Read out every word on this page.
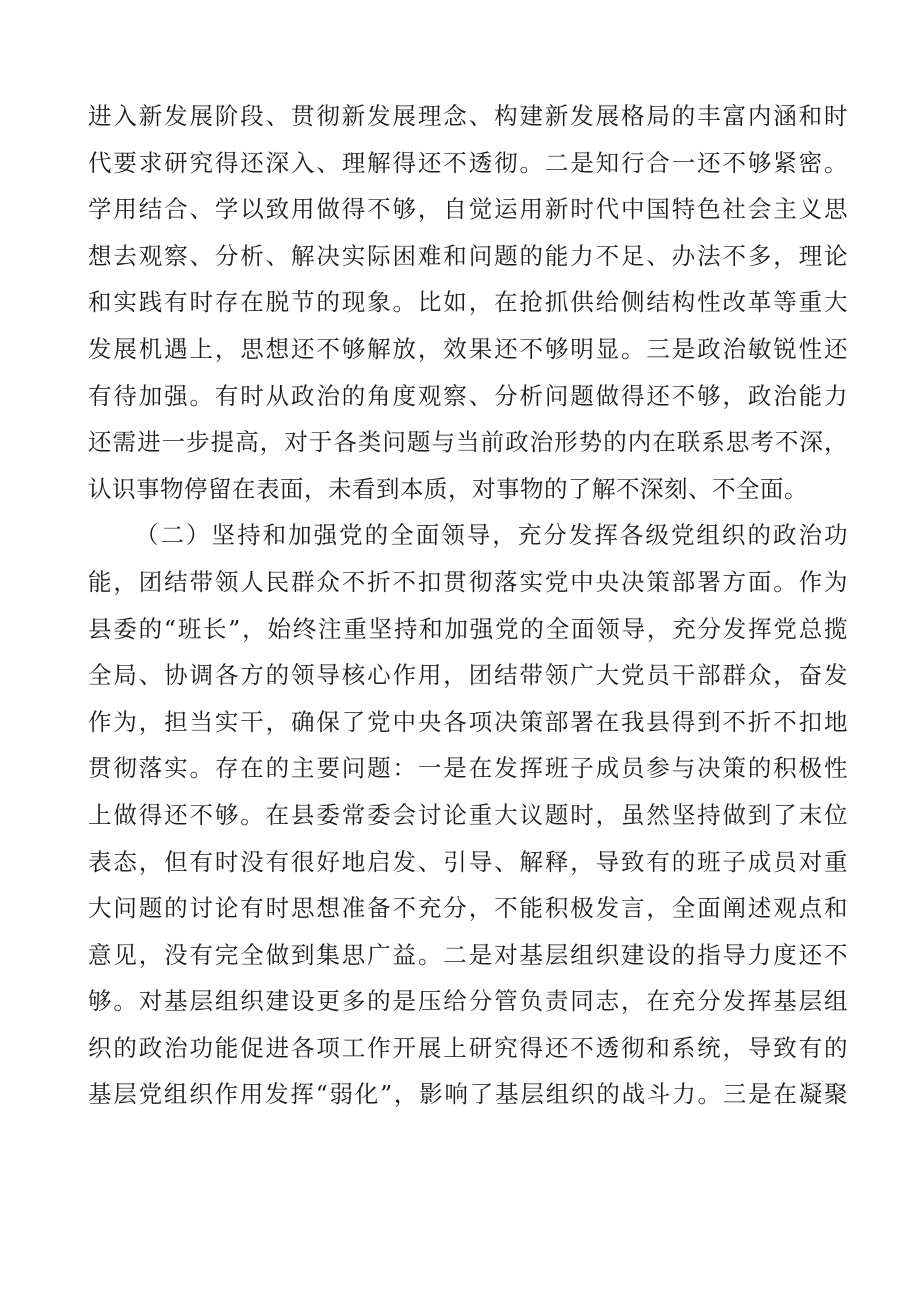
进入新发展阶段、贯彻新发展理念、构建新发展格局的丰富内涵和时
代要求研究得还深入、理解得还不透彻。二是知行合一还不够紧密。
学用结合、学以致用做得不够，自觉运用新时代中国特色社会主义思
想去观察、分析、解决实际困难和问题的能力不足、办法不多，理论
和实践有时存在脱节的现象。比如，在抢抓供给侧结构性改革等重大
发展机遇上，思想还不够解放，效果还不够明显。三是政治敏锐性还
有待加强。有时从政治的角度观察、分析问题做得还不够，政治能力
还需进一步提高，对于各类问题与当前政治形势的内在联系思考不深，
认识事物停留在表面，未看到本质，对事物的了解不深刻、不全面。
（二）坚持和加强党的全面领导，充分发挥各级党组织的政治功
能，团结带领人民群众不折不扣贯彻落实党中央决策部署方面。作为
县委的“班长”，始终注重坚持和加强党的全面领导，充分发挥党总揽
全局、协调各方的领导核心作用，团结带领广大党员干部群众，奋发
作为，担当实干，确保了党中央各项决策部署在我县得到不折不扣地
贯彻落实。存在的主要问题：一是在发挥班子成员参与决策的积极性
上做得还不够。在县委常委会讨论重大议题时，虽然坚持做到了末位
表态，但有时没有很好地启发、引导、解释，导致有的班子成员对重
大问题的讨论有时思想准备不充分，不能积极发言，全面阐述观点和
意见，没有完全做到集思广益。二是对基层组织建设的指导力度还不
够。对基层组织建设更多的是压给分管负责同志，在充分发挥基层组
织的政治功能促进各项工作开展上研究得还不透彻和系统，导致有的
基层党组织作用发挥“弱化”，影响了基层组织的战斗力。三是在凝聚
